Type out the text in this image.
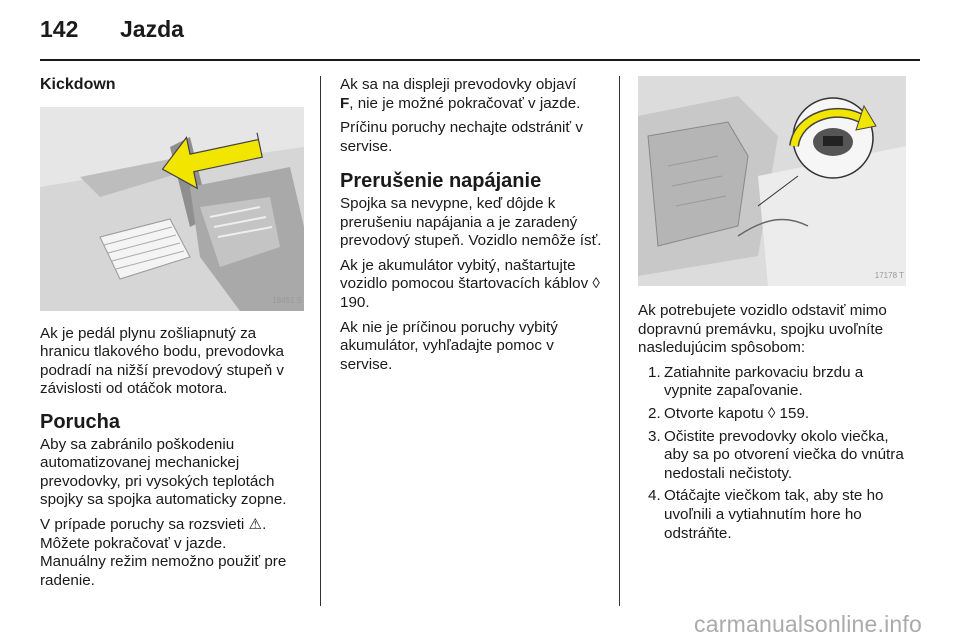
142 Jazda
Kickdown
18451 S

Ak je pedál plynu zošliapnutý za hranicu tlakového bodu, prevodovka podradí na nižší prevodový stupeň v závislosti od otáčok motora.

Porucha

Aby sa zabránilo poškodeniu automatizovanej mechanickej prevodovky, pri vysokých teplotách spojky sa spojka automaticky zopne.

V prípade poruchy sa rozsvieti ⚠︎.

Môžete pokračovať v jazde.

Manuálny režim nemožno použiť pre radenie.

Ak sa na displeji prevodovky objaví
F, nie je možné pokračovať v jazde.

Príčinu poruchy nechajte odstrániť v servise.

Prerušenie napájanie

Spojka sa nevypne, keď dôjde k prerušeniu napájania a je zaradený prevodový stupeň. Vozidlo nemôže ísť.

Ak je akumulátor vybitý, naštartujte vozidlo pomocou štartovacích káblov ◊ 190.

Ak nie je príčinou poruchy vybitý akumulátor, vyhľadajte pomoc v servise.

17178 T

Ak potrebujete vozidlo odstaviť mimo dopravnú premávku, spojku uvoľníte nasledujúcim spôsobom:

1. Zatiahnite parkovaciu brzdu a vypnite zapaľovanie.
2. Otvorte kapotu ◊ 159.
3. Očistite prevodovky okolo viečka, aby sa po otvorení viečka do vnútra nedostali nečistoty.
4. Otáčajte viečkom tak, aby ste ho uvoľnili a vytiahnutím hore ho odstráňte.
carmanualsonline.info
